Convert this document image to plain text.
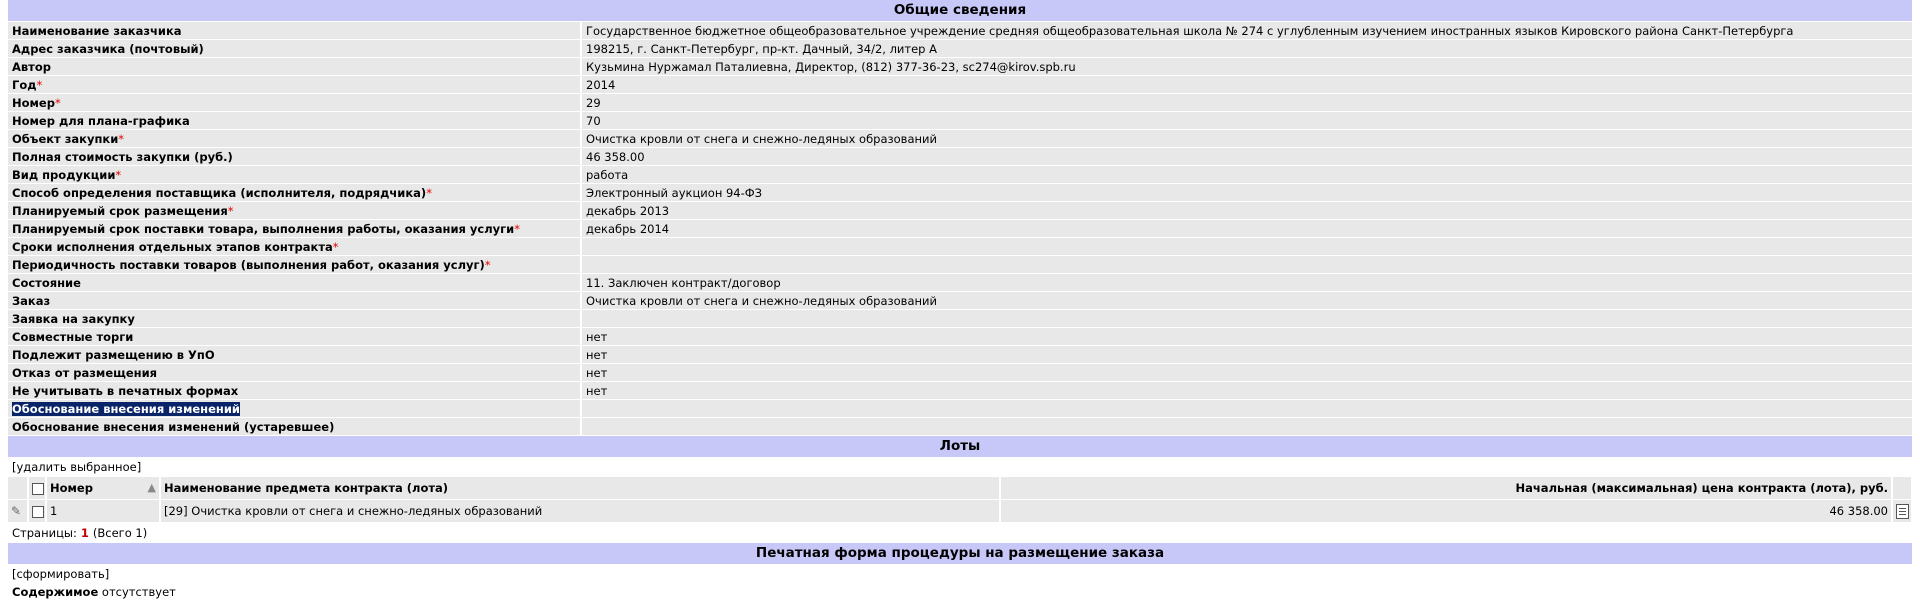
Общие сведения
Наименование заказчика	Государственное бюджетное общеобразовательное учреждение средняя общеобразовательная школа № 274 с углубленным изучением иностранных языков Кировского района Санкт-Петербурга
Адрес заказчика (почтовый)	198215, г. Санкт-Петербург, пр-кт. Дачный, 34/2, литер А
Автор	Кузьмина Нуржамал Паталиевна, Директор, (812) 377-36-23, sc274@kirov.spb.ru
Год*	2014
Номер*	29
Номер для плана-графика	70
Объект закупки*	Очистка кровли от снега и снежно-ледяных образований
Полная стоимость закупки (руб.)	46 358.00
Вид продукции*	работа
Способ определения поставщика (исполнителя, подрядчика)*	Электронный аукцион 94-ФЗ
Планируемый срок размещения*	декабрь 2013
Планируемый срок поставки товара, выполнения работы, оказания услуги*	декабрь 2014
Сроки исполнения отдельных этапов контракта*	
Периодичность поставки товаров (выполнения работ, оказания услуг)*	
Состояние	11. Заключен контракт/договор
Заказ	Очистка кровли от снега и снежно-ледяных образований
Заявка на закупку	
Совместные торги	нет
Подлежит размещению в УпО	нет
Отказ от размещения	нет
Не учитывать в печатных формах	нет
Обоснование внесения изменений	
Обоснование внесения изменений (устаревшее)	
Лоты
[удалить выбранное]
		Номер ▲	Наименование предмета контракта (лота)	Начальная (максимальная) цена контракта (лота), руб.	
✎		1	[29] Очистка кровли от снега и снежно-ледяных образований	46 358.00	
Страницы: 1 (Всего 1)
Печатная форма процедуры на размещение заказа
[сформировать]
Содержимое отсутствует
